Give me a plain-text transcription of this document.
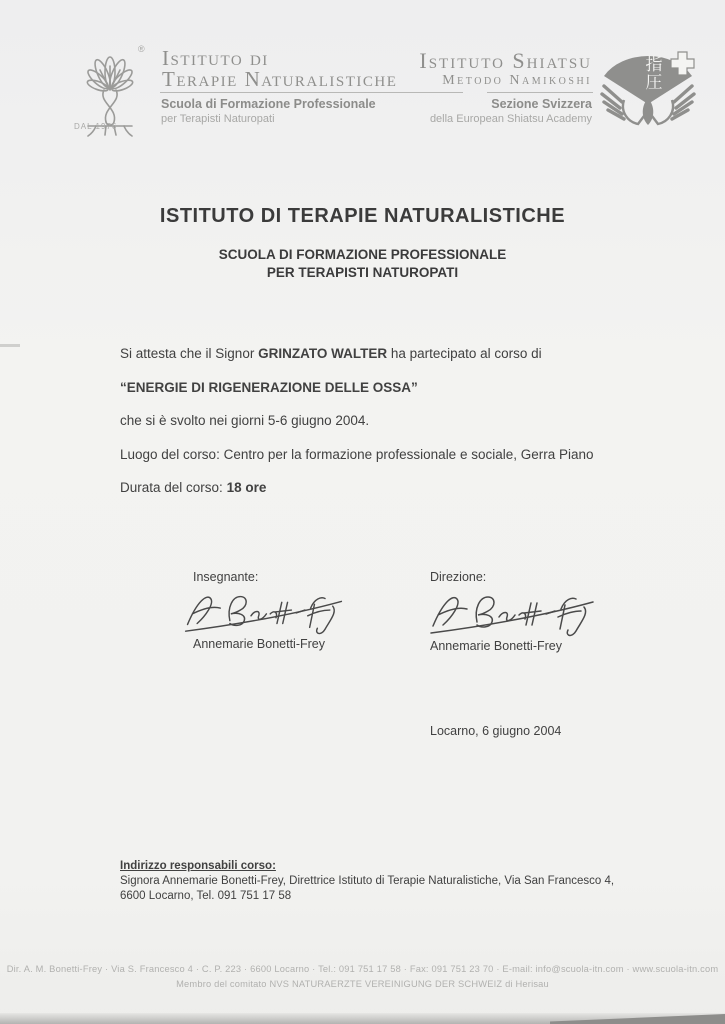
®
DAL 1976
Istituto di
Terapie Naturalistiche
Scuola di Formazione Professionale
per Terapisti Naturopati
Istituto Shiatsu
Metodo Namikoshi
Sezione Svizzera
della European Shiatsu Academy
指
圧
ISTITUTO DI TERAPIE NATURALISTICHE
SCUOLA DI FORMAZIONE PROFESSIONALE
PER TERAPISTI NATUROPATI

Si attesta che il Signor GRINZATO WALTER ha partecipato al corso di

“ENERGIE DI RIGENERAZIONE DELLE OSSA”

che si è svolto nei giorni 5-6 giugno 2004.

Luogo del corso: Centro per la formazione professionale e sociale, Gerra Piano

Durata del corso: 18 ore

Insegnante:
Annemarie Bonetti-Frey
Direzione:
Annemarie Bonetti-Frey
Locarno, 6 giugno 2004

Indirizzo responsabili corso:

Signora Annemarie Bonetti-Frey, Direttrice Istituto di Terapie Naturalistiche, Via San Francesco 4,

6600 Locarno, Tel. 091 751 17 58

Dir. A. M. Bonetti-Frey · Via S. Francesco 4 · C. P. 223 · 6600 Locarno · Tel.: 091 751 17 58 · Fax: 091 751 23 70 · E-mail: info@scuola-itn.com · www.scuola-itn.com
Membro del comitato NVS NATURAERZTE VEREINIGUNG DER SCHWEIZ di Herisau
